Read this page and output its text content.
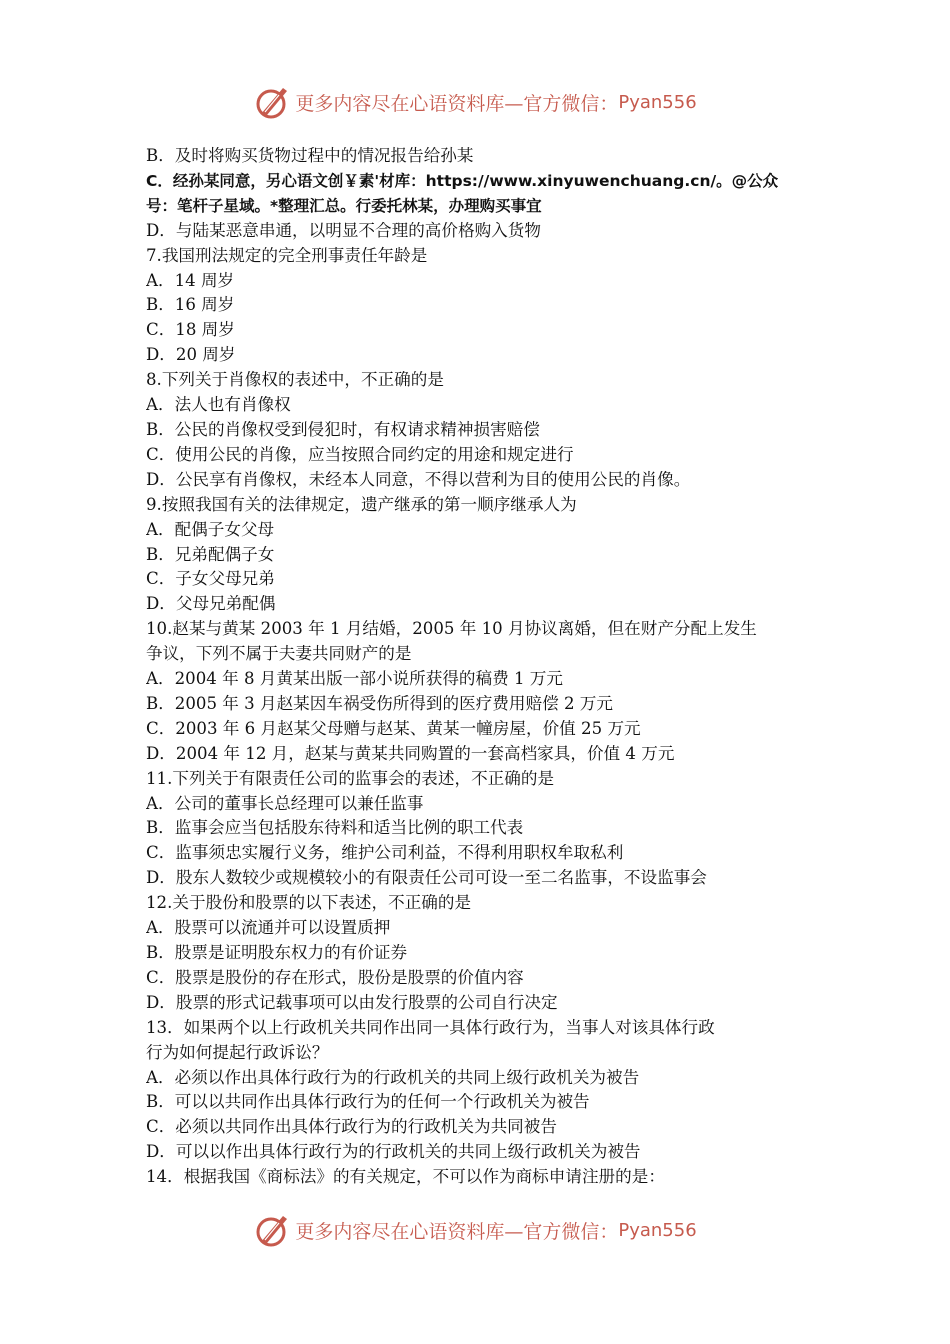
更多内容尽在心语资料库—官方微信： Pyan556
B．及时将购买货物过程中的情况报告给孙某
C．经孙某同意，另心语文创￥素'材库：https://www.xinyuwenchuang.cn/。@公众
号：笔杆子星域。*整理汇总。行委托林某，办理购买事宜
D．与陆某恶意串通，以明显不合理的高价格购入货物
7.我国刑法规定的完全刑事责任年龄是
A．14 周岁
B．16 周岁
C．18 周岁
D．20 周岁
8.下列关于肖像权的表述中，不正确的是
A．法人也有肖像权
B．公民的肖像权受到侵犯时，有权请求精神损害赔偿
C．使用公民的肖像，应当按照合同约定的用途和规定进行
D．公民享有肖像权，未经本人同意，不得以营利为目的使用公民的肖像。
9.按照我国有关的法律规定，遗产继承的第一顺序继承人为
A．配偶子女父母
B．兄弟配偶子女
C．子女父母兄弟
D．父母兄弟配偶
10.赵某与黄某 2003 年 1 月结婚，2005 年 10 月协议离婚，但在财产分配上发生
争议，下列不属于夫妻共同财产的是
A．2004 年 8 月黄某出版一部小说所获得的稿费 1 万元
B．2005 年 3 月赵某因车祸受伤所得到的医疗费用赔偿 2 万元
C．2003 年 6 月赵某父母赠与赵某、黄某一幢房屋，价值 25 万元
D．2004 年 12 月，赵某与黄某共同购置的一套高档家具，价值 4 万元
11.下列关于有限责任公司的监事会的表述，不正确的是
A．公司的董事长总经理可以兼任监事
B．监事会应当包括股东待料和适当比例的职工代表
C．监事须忠实履行义务，维护公司利益，不得利用职权牟取私利
D．股东人数较少或规模较小的有限责任公司可设一至二名监事，不设监事会
12.关于股份和股票的以下表述，不正确的是
A．股票可以流通并可以设置质押
B．股票是证明股东权力的有价证券
C．股票是股份的存在形式，股份是股票的价值内容
D．股票的形式记载事项可以由发行股票的公司自行决定
13．如果两个以上行政机关共同作出同一具体行政行为，当事人对该具体行政
行为如何提起行政诉讼？
A．必须以作出具体行政行为的行政机关的共同上级行政机关为被告
B．可以以共同作出具体行政行为的任何一个行政机关为被告
C．必须以共同作出具体行政行为的行政机关为共同被告
D．可以以作出具体行政行为的行政机关的共同上级行政机关为被告
14．根据我国《商标法》的有关规定，不可以作为商标申请注册的是：
更多内容尽在心语资料库—官方微信： Pyan556
